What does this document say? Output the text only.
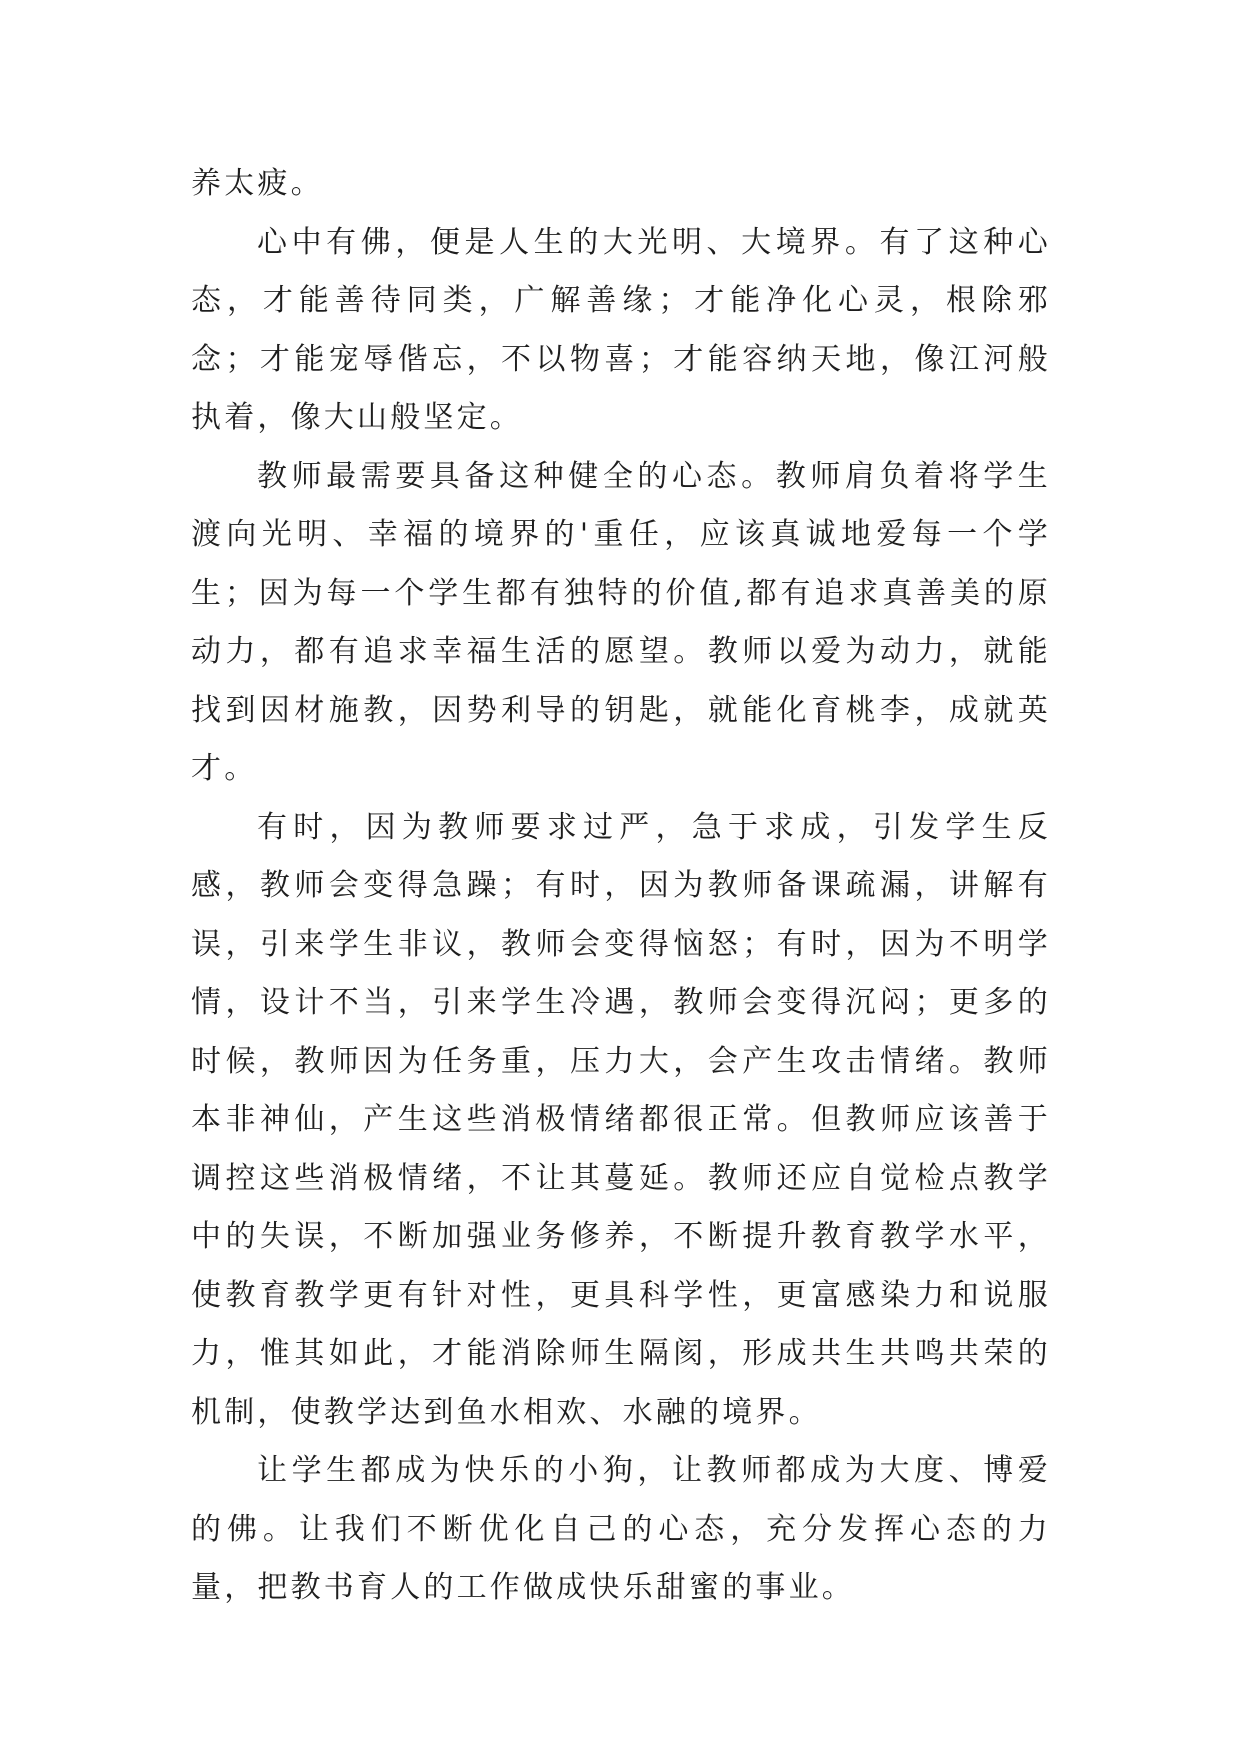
养太疲。

心中有佛，便是人生的大光明、大境界。有了这种心态，才能善待同类，广解善缘；才能净化心灵，根除邪念；才能宠辱偕忘，不以物喜；才能容纳天地，像江河般执着，像大山般坚定。

教师最需要具备这种健全的心态。教师肩负着将学生渡向光明、幸福的境界的'重任，应该真诚地爱每一个学生；因为每一个学生都有独特的价值,都有追求真善美的原动力，都有追求幸福生活的愿望。教师以爱为动力，就能找到因材施教，因势利导的钥匙，就能化育桃李，成就英才。

有时，因为教师要求过严，急于求成，引发学生反感，教师会变得急躁；有时，因为教师备课疏漏，讲解有误，引来学生非议，教师会变得恼怒；有时，因为不明学情，设计不当，引来学生冷遇，教师会变得沉闷；更多的时候，教师因为任务重，压力大，会产生攻击情绪。教师本非神仙，产生这些消极情绪都很正常。但教师应该善于调控这些消极情绪，不让其蔓延。教师还应自觉检点教学中的失误，不断加强业务修养，不断提升教育教学水平，使教育教学更有针对性，更具科学性，更富感染力和说服力，惟其如此，才能消除师生隔阂，形成共生共鸣共荣的机制，使教学达到鱼水相欢、水融的境界。

让学生都成为快乐的小狗，让教师都成为大度、博爱的佛。让我们不断优化自己的心态，充分发挥心态的力量，把教书育人的工作做成快乐甜蜜的事业。
